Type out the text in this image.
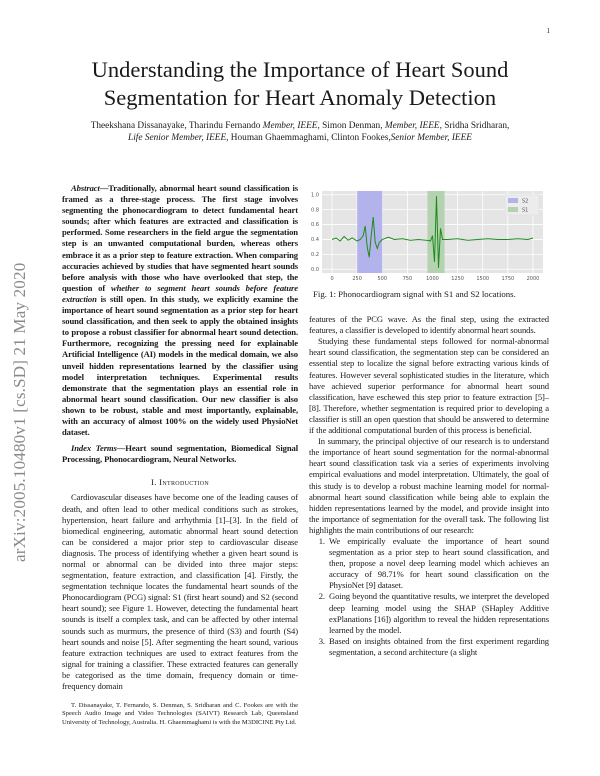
1
arXiv:2005.10480v1 [cs.SD] 21 May 2020
Understanding the Importance of Heart Sound Segmentation for Heart Anomaly Detection
Theekshana Dissanayake, Tharindu Fernando Member, IEEE, Simon Denman, Member, IEEE, Sridha Sridharan,
Life Senior Member, IEEE, Houman Ghaemmaghami, Clinton Fookes,Senior Member, IEEE

Abstract—Traditionally, abnormal heart sound classification is framed as a three-stage process. The first stage involves segmenting the phonocardiogram to detect fundamental heart sounds; after which features are extracted and classification is performed. Some researchers in the field argue the segmentation step is an unwanted computational burden, whereas others embrace it as a prior step to feature extraction. When comparing accuracies achieved by studies that have segmented heart sounds before analysis with those who have overlooked that step, the question of whether to segment heart sounds before feature extraction is still open. In this study, we explicitly examine the importance of heart sound segmentation as a prior step for heart sound classification, and then seek to apply the obtained insights to propose a robust classifier for abnormal heart sound detection. Furthermore, recognizing the pressing need for explainable Artificial Intelligence (AI) models in the medical domain, we also unveil hidden representations learned by the classifier using model interpretation techniques. Experimental results demonstrate that the segmentation plays an essential role in abnormal heart sound classification. Our new classifier is also shown to be robust, stable and most importantly, explainable, with an accuracy of almost 100% on the widely used PhysioNet dataset.

Index Terms—Heart sound segmentation, Biomedical Signal Processing, Phonocardiogram, Neural Networks.

I. Introduction

Cardiovascular diseases have become one of the leading causes of death, and often lead to other medical conditions such as strokes, hypertension, heart failure and arrhythmia [1]–[3]. In the field of biomedical engineering, automatic abnormal heart sound detection can be considered a major prior step to cardiovascular disease diagnosis. The process of identifying whether a given heart sound is normal or abnormal can be divided into three major steps: segmentation, feature extraction, and classification [4]. Firstly, the segmentation technique locates the fundamental heart sounds of the Phonocardiogram (PCG) signal: S1 (first heart sound) and S2 (second heart sound); see Figure 1. However, detecting the fundamental heart sounds is itself a complex task, and can be affected by other internal sounds such as murmurs, the presence of third (S3) and fourth (S4) heart sounds and noise [5]. After segmenting the heart sound, various feature extraction techniques are used to extract features from the signal for training a classifier. These extracted features can generally be categorised as the time domain, frequency domain or time-frequency domain

T. Dissanayake, T. Fernando, S. Denman, S. Sridharan and C. Fookes are with the Speech Audio Image and Video Technologies (SAIVT) Research Lab, Queensland University of Technology, Australia. H. Ghaemmaghami is with the M3DICINE Pty Ltd.

0	250	500	750	1000 1250 1500 1750 2000
0.0
0.2
0.4
0.6
0.8
1.0
S2
S1
Fig. 1: Phonocardiogram signal with S1 and S2 locations.

features of the PCG wave. As the final step, using the extracted features, a classifier is developed to identify abnormal heart sounds.

Studying these fundamental steps followed for normal-abnormal heart sound classification, the segmentation step can be considered an essential step to localize the signal before extracting various kinds of features. However several sophisticated studies in the literature, which have achieved superior performance for abnormal heart sound classification, have eschewed this step prior to feature extraction [5]–[8]. Therefore, whether segmentation is required prior to developing a classifier is still an open question that should be answered to determine if the additional computational burden of this process is beneficial.

In summary, the principal objective of our research is to understand the importance of heart sound segmentation for the normal-abnormal heart sound classification task via a series of experiments involving empirical evaluations and model interpretation. Ultimately, the goal of this study is to develop a robust machine learning model for normal-abnormal heart sound classification while being able to explain the hidden representations learned by the model, and provide insight into the importance of segmentation for the overall task. The following list highlights the main contributions of our research:

1. We empirically evaluate the importance of heart sound segmentation as a prior step to heart sound classification, and then, propose a novel deep learning model which achieves an accuracy of 98.71% for heart sound classification on the PhysioNet [9] dataset.
2. Going beyond the quantitative results, we interpret the developed deep learning model using the SHAP (SHapley Additive exPlanations [16]) algorithm to reveal the hidden representations learned by the model.
3. Based on insights obtained from the first experiment regarding segmentation, a second architecture (a slight
